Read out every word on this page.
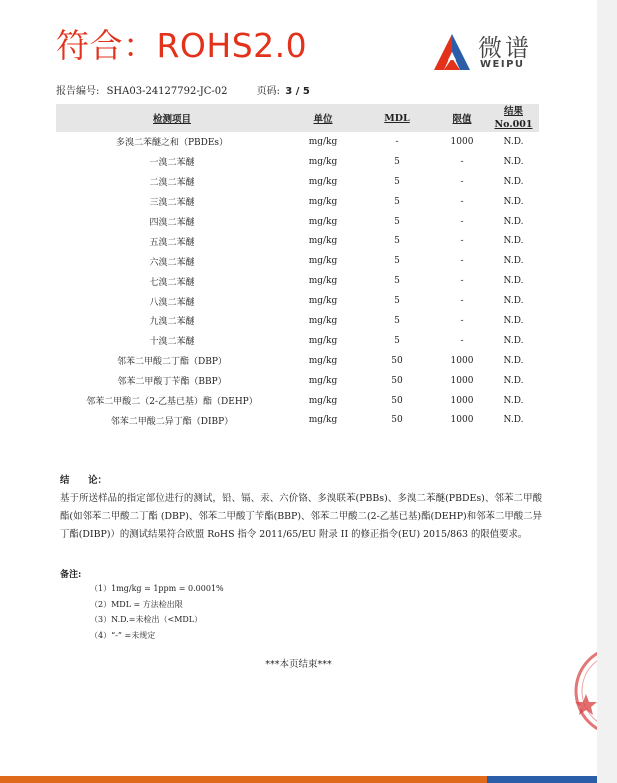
符合：ROHS2.0	微谱
WEIPU
报告编号: SHA03-24127792-JC-02	页码: 3 / 5
检测项目	单位	MDL	限值	结果
No.001
多溴二苯醚之和（PBDEs）	mg/kg	-	1000	N.D.
一溴二苯醚	mg/kg	5	-	N.D.
二溴二苯醚	mg/kg	5	-	N.D.
三溴二苯醚	mg/kg	5	-	N.D.
四溴二苯醚	mg/kg	5	-	N.D.
五溴二苯醚	mg/kg	5	-	N.D.
六溴二苯醚	mg/kg	5	-	N.D.
七溴二苯醚	mg/kg	5	-	N.D.
八溴二苯醚	mg/kg	5	-	N.D.
九溴二苯醚	mg/kg	5	-	N.D.
十溴二苯醚	mg/kg	5	-	N.D.
邻苯二甲酸二丁酯（DBP）	mg/kg	50	1000	N.D.
邻苯二甲酸丁苄酯（BBP）	mg/kg	50	1000	N.D.
邻苯二甲酸二（2-乙基已基）酯（DEHP）	mg/kg	50	1000	N.D.
邻苯二甲酸二异丁酯（DIBP）	mg/kg	50	1000	N.D.
结　　论：
基于所送样品的指定部位进行的测试，铅、镉、汞、六价铬、多溴联苯(PBBs)、多溴二苯醚(PBDEs)、邻苯二甲酸酯(如邻苯二甲酸二丁酯 (DBP)、邻苯二甲酸丁苄酯(BBP)、邻苯二甲酸二(2-乙基已基)酯(DEHP)和邻苯二甲酸二异丁酯(DIBP)）的测试结果符合欧盟 RoHS 指令 2011/65/EU 附录 II 的修正指令(EU) 2015/863 的限值要求。
备注:
（1）1mg/kg = 1ppm = 0.0001%
（2）MDL = 方法检出限
（3）N.D.=未检出（<MDL）
（4）“-” =未规定
***本页结束***
